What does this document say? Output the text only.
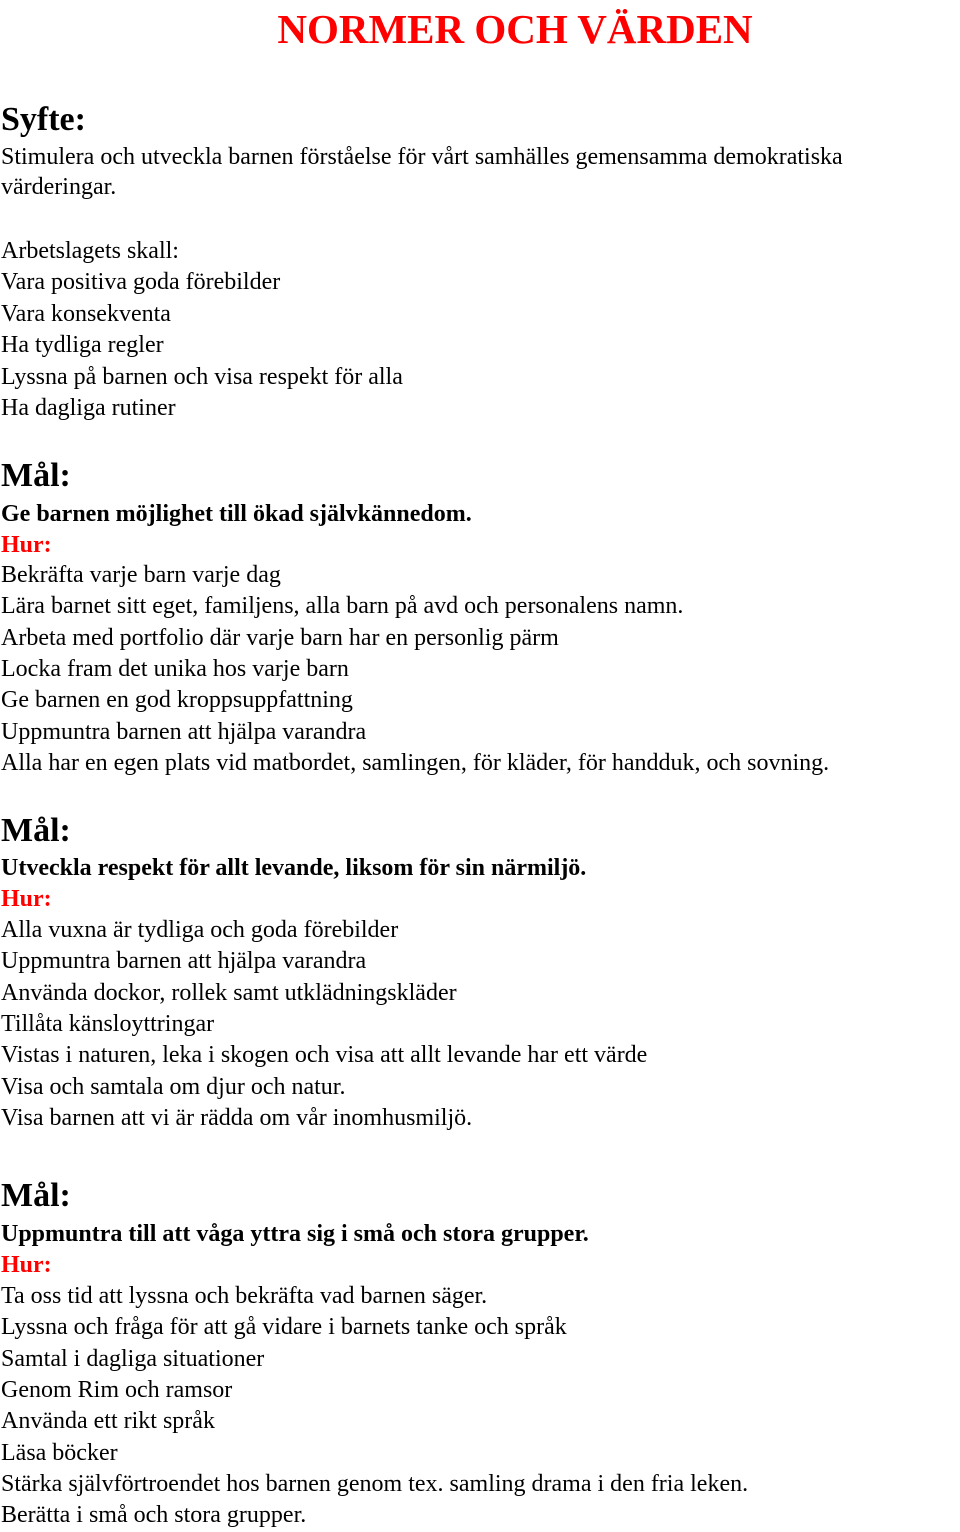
NORMER OCH VÄRDEN
Syfte:

Stimulera och utveckla barnen förståelse för vårt samhälles gemensamma demokratiska värderingar.

Arbetslagets skall:
Vara positiva goda förebilder
Vara konsekventa
Ha tydliga regler
Lyssna på barnen och visa respekt för alla
Ha dagliga rutiner
Mål:

Ge barnen möjlighet till ökad självkännedom.

Hur:

Bekräfta varje barn varje dag
Lära barnet sitt eget, familjens, alla barn på avd och personalens namn.
Arbeta med portfolio där varje barn har en personlig pärm
Locka fram det unika hos varje barn
Ge barnen en god kroppsuppfattning
Uppmuntra barnen att hjälpa varandra
Alla har en egen plats vid matbordet, samlingen, för kläder, för handduk, och sovning.
Mål:

Utveckla respekt för allt levande, liksom för sin närmiljö.

Hur:

Alla vuxna är tydliga och goda förebilder
Uppmuntra barnen att hjälpa varandra
Använda dockor, rollek samt utklädningskläder
Tillåta känsloyttringar
Vistas i naturen, leka i skogen och visa att allt levande har ett värde
Visa och samtala om djur och natur.
Visa barnen att vi är rädda om vår inomhusmiljö.
Mål:

Uppmuntra till att våga yttra sig i små och stora grupper.

Hur:

Ta oss tid att lyssna och bekräfta vad barnen säger.
Lyssna och fråga för att gå vidare i barnets tanke och språk
Samtal i dagliga situationer
Genom Rim och ramsor
Använda ett rikt språk
Läsa böcker
Stärka självförtroendet hos barnen genom tex. samling drama i den fria leken.
Berätta i små och stora grupper.
